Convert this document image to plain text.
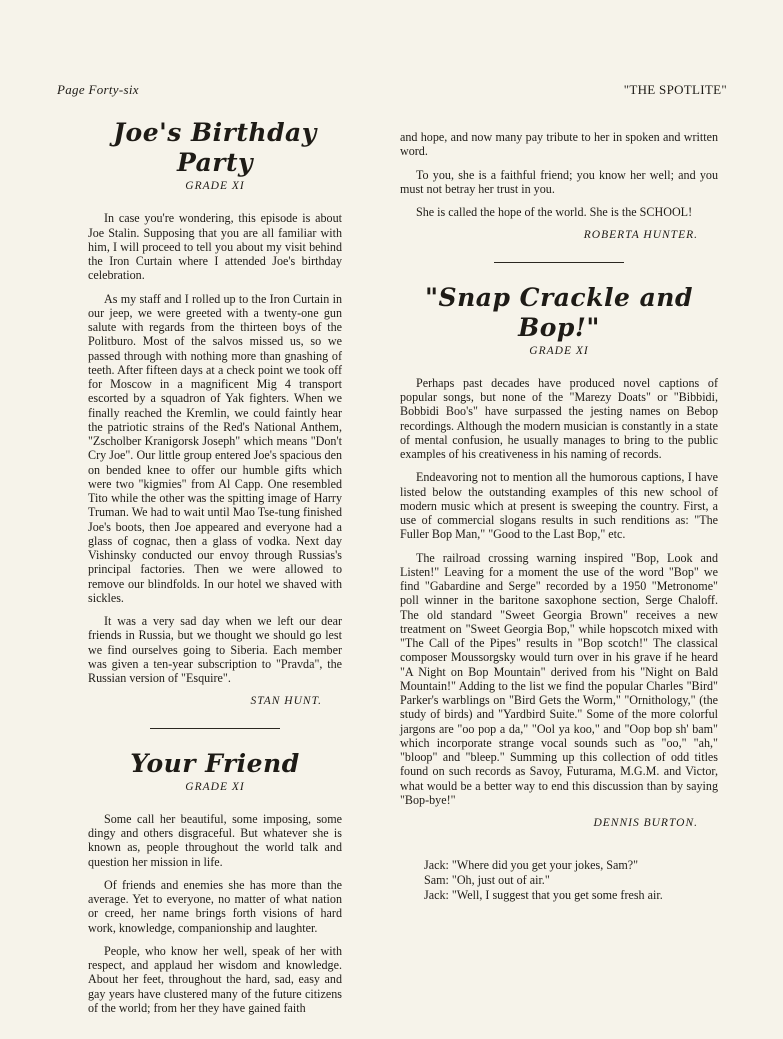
Page Forty-six	"THE SPOTLITE"
Joe's Birthday Party
GRADE XI

In case you're wondering, this episode is about Joe Stalin. Supposing that you are all familiar with him, I will proceed to tell you about my visit behind the Iron Curtain where I attended Joe's birthday celebration.

As my staff and I rolled up to the Iron Curtain in our jeep, we were greeted with a twenty-one gun salute with regards from the thirteen boys of the Politburo. Most of the salvos missed us, so we passed through with nothing more than gnashing of teeth. After fifteen days at a check point we took off for Moscow in a magnificent Mig 4 transport escorted by a squadron of Yak fighters. When we finally reached the Kremlin, we could faintly hear the patriotic strains of the Red's National Anthem, "Zscholber Kranigorsk Joseph" which means "Don't Cry Joe". Our little group entered Joe's spacious den on bended knee to offer our humble gifts which were two "kigmies" from Al Capp. One resembled Tito while the other was the spitting image of Harry Truman. We had to wait until Mao Tse-tung finished Joe's boots, then Joe appeared and everyone had a glass of cognac, then a glass of vodka. Next day Vishinsky conducted our envoy through Russias's principal factories. Then we were allowed to remove our blindfolds. In our hotel we shaved with sickles.

It was a very sad day when we left our dear friends in Russia, but we thought we should go lest we find ourselves going to Siberia. Each member was given a ten-year subscription to "Pravda", the Russian version of "Esquire".

STAN HUNT.
Your Friend
GRADE XI

Some call her beautiful, some imposing, some dingy and others disgraceful. But whatever she is known as, people throughout the world talk and question her mission in life.

Of friends and enemies she has more than the average. Yet to everyone, no matter of what nation or creed, her name brings forth visions of hard work, knowledge, companionship and laughter.

People, who know her well, speak of her with respect, and applaud her wisdom and knowledge. About her feet, throughout the hard, sad, easy and gay years have clustered many of the future citizens of the world; from her they have gained faith

and hope, and now many pay tribute to her in spoken and written word.

To you, she is a faithful friend; you know her well; and you must not betray her trust in you.

She is called the hope of the world. She is the SCHOOL!

ROBERTA HUNTER.
"Snap Crackle and Bop!"
GRADE XI

Perhaps past decades have produced novel captions of popular songs, but none of the "Marezy Doats" or "Bibbidi, Bobbidi Boo's" have surpassed the jesting names on Bebop recordings. Although the modern musician is constantly in a state of mental confusion, he usually manages to bring to the public examples of his creativeness in his naming of records.

Endeavoring not to mention all the humorous captions, I have listed below the outstanding examples of this new school of modern music which at present is sweeping the country. First, a use of commercial slogans results in such renditions as: "The Fuller Bop Man," "Good to the Last Bop," etc.

The railroad crossing warning inspired "Bop, Look and Listen!" Leaving for a moment the use of the word "Bop" we find "Gabardine and Serge" recorded by a 1950 "Metronome" poll winner in the baritone saxophone section, Serge Chaloff. The old standard "Sweet Georgia Brown" receives a new treatment on "Sweet Georgia Bop," while hopscotch mixed with "The Call of the Pipes" results in "Bop scotch!" The classical composer Moussorgsky would turn over in his grave if he heard "A Night on Bop Mountain" derived from his "Night on Bald Mountain!" Adding to the list we find the popular Charles "Bird" Parker's warblings on "Bird Gets the Worm," "Ornithology," (the study of birds) and "Yardbird Suite." Some of the more colorful jargons are "oo pop a da," "Ool ya koo," and "Oop bop sh' bam" which incorporate strange vocal sounds such as "oo," "ah," "bloop" and "bleep." Summing up this collection of odd titles found on such records as Savoy, Futurama, M.G.M. and Victor, what would be a better way to end this discussion than by saying "Bop-bye!"

DENNIS BURTON.
Jack: "Where did you get your jokes, Sam?"
Sam: "Oh, just out of air."
Jack: "Well, I suggest that you get some fresh air.
